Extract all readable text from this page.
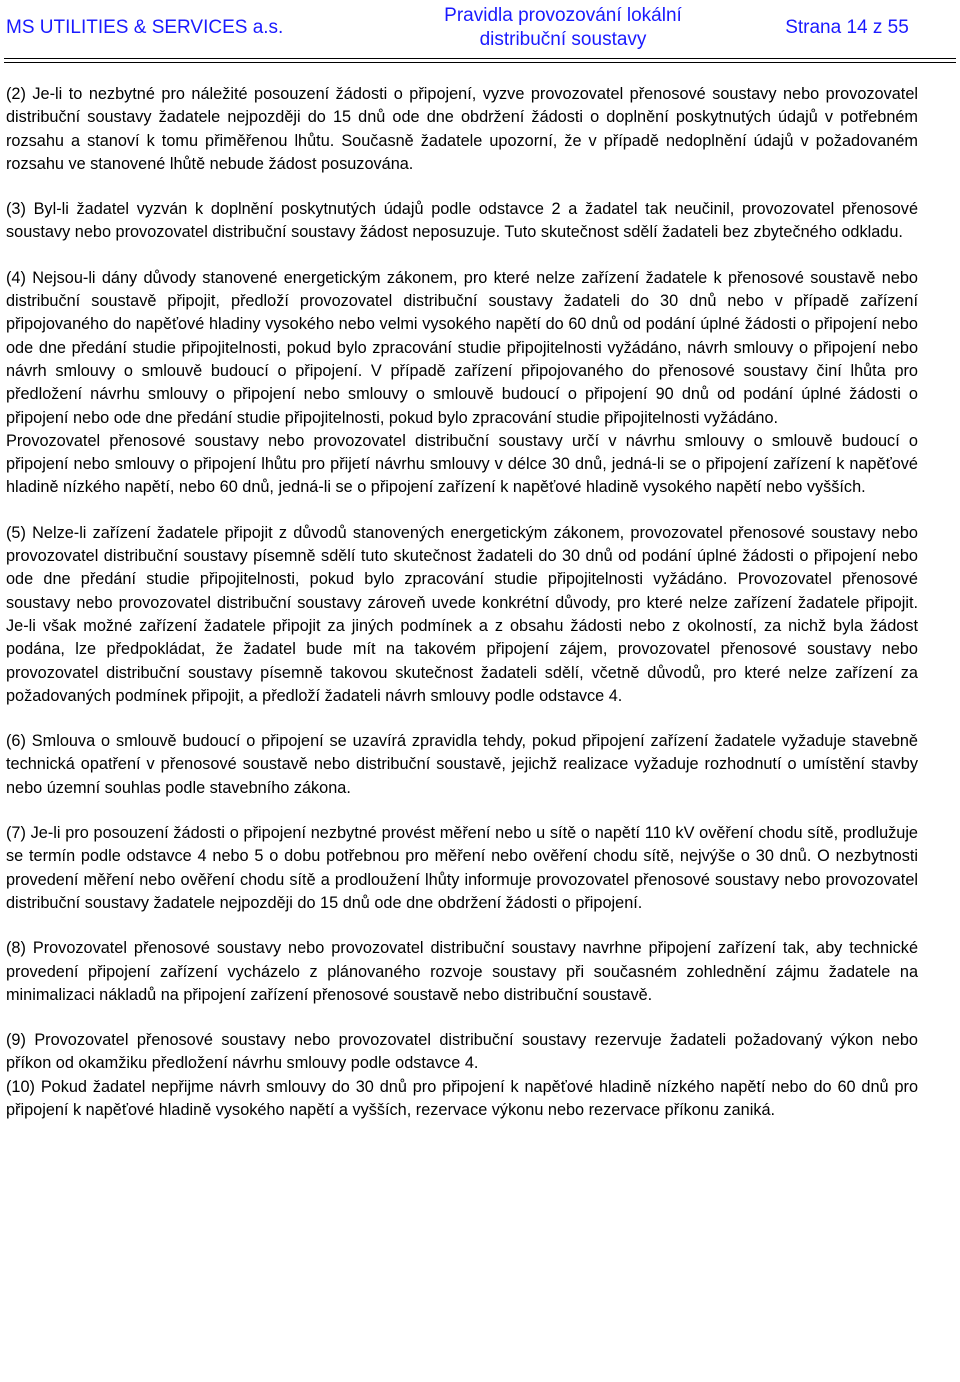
MS UTILITIES & SERVICES a.s.
Pravidla provozování lokální
distribuční soustavy
Strana 14 z 55

(2) Je-li to nezbytné pro náležité posouzení žádosti o připojení, vyzve provozovatel přenosové soustavy nebo provozovatel distribuční soustavy žadatele nejpozději do 15 dnů ode dne obdržení žádosti o doplnění poskytnutých údajů v potřebném rozsahu a stanoví k tomu přiměřenou lhůtu. Současně žadatele upozorní, že v případě nedoplnění údajů v požadovaném rozsahu ve stanovené lhůtě nebude žádost posuzována.

(3) Byl-li žadatel vyzván k doplnění poskytnutých údajů podle odstavce 2 a žadatel tak neučinil, provozovatel přenosové soustavy nebo provozovatel distribuční soustavy žádost neposuzuje. Tuto skutečnost sdělí žadateli bez zbytečného odkladu.

(4) Nejsou-li dány důvody stanovené energetickým zákonem, pro které nelze zařízení žadatele k přenosové soustavě nebo distribuční soustavě připojit, předloží provozovatel distribuční soustavy žadateli do 30 dnů nebo v případě zařízení připojovaného do napěťové hladiny vysokého nebo velmi vysokého napětí do 60 dnů od podání úplné žádosti o připojení nebo ode dne předání studie připojitelnosti, pokud bylo zpracování studie připojitelnosti vyžádáno, návrh smlouvy o připojení nebo návrh smlouvy o smlouvě budoucí o připojení. V případě zařízení připojovaného do přenosové soustavy činí lhůta pro předložení návrhu smlouvy o připojení nebo smlouvy o smlouvě budoucí o připojení 90 dnů od podání úplné žádosti o připojení nebo ode dne předání studie připojitelnosti, pokud bylo zpracování studie připojitelnosti vyžádáno.

Provozovatel přenosové soustavy nebo provozovatel distribuční soustavy určí v návrhu smlouvy o smlouvě budoucí o připojení nebo smlouvy o připojení lhůtu pro přijetí návrhu smlouvy v délce 30 dnů, jedná-li se o připojení zařízení k napěťové hladině nízkého napětí, nebo 60 dnů, jedná-li se o připojení zařízení k napěťové hladině vysokého napětí nebo vyšších.

(5) Nelze-li zařízení žadatele připojit z důvodů stanovených energetickým zákonem, provozovatel přenosové soustavy nebo provozovatel distribuční soustavy písemně sdělí tuto skutečnost žadateli do 30 dnů od podání úplné žádosti o připojení nebo ode dne předání studie připojitelnosti, pokud bylo zpracování studie připojitelnosti vyžádáno. Provozovatel přenosové soustavy nebo provozovatel distribuční soustavy zároveň uvede konkrétní důvody, pro které nelze zařízení žadatele připojit. Je-li však možné zařízení žadatele připojit za jiných podmínek a z obsahu žádosti nebo z okolností, za nichž byla žádost podána, lze předpokládat, že žadatel bude mít na takovém připojení zájem, provozovatel přenosové soustavy nebo provozovatel distribuční soustavy písemně takovou skutečnost žadateli sdělí, včetně důvodů, pro které nelze zařízení za požadovaných podmínek připojit, a předloží žadateli návrh smlouvy podle odstavce 4.

(6) Smlouva o smlouvě budoucí o připojení se uzavírá zpravidla tehdy, pokud připojení zařízení žadatele vyžaduje stavebně technická opatření v přenosové soustavě nebo distribuční soustavě, jejichž realizace vyžaduje rozhodnutí o umístění stavby nebo územní souhlas podle stavebního zákona.

(7) Je-li pro posouzení žádosti o připojení nezbytné provést měření nebo u sítě o napětí 110 kV ověření chodu sítě, prodlužuje se termín podle odstavce 4 nebo 5 o dobu potřebnou pro měření nebo ověření chodu sítě, nejvýše o 30 dnů. O nezbytnosti provedení měření nebo ověření chodu sítě a prodloužení lhůty informuje provozovatel přenosové soustavy nebo provozovatel distribuční soustavy žadatele nejpozději do 15 dnů ode dne obdržení žádosti o připojení.

(8) Provozovatel přenosové soustavy nebo provozovatel distribuční soustavy navrhne připojení zařízení tak, aby technické provedení připojení zařízení vycházelo z plánovaného rozvoje soustavy při současném zohlednění zájmu žadatele na minimalizaci nákladů na připojení zařízení přenosové soustavě nebo distribuční soustavě.

(9) Provozovatel přenosové soustavy nebo provozovatel distribuční soustavy rezervuje žadateli požadovaný výkon nebo příkon od okamžiku předložení návrhu smlouvy podle odstavce 4.

(10) Pokud žadatel nepřijme návrh smlouvy do 30 dnů pro připojení k napěťové hladině nízkého napětí nebo do 60 dnů pro připojení k napěťové hladině vysokého napětí a vyšších, rezervace výkonu nebo rezervace příkonu zaniká.
